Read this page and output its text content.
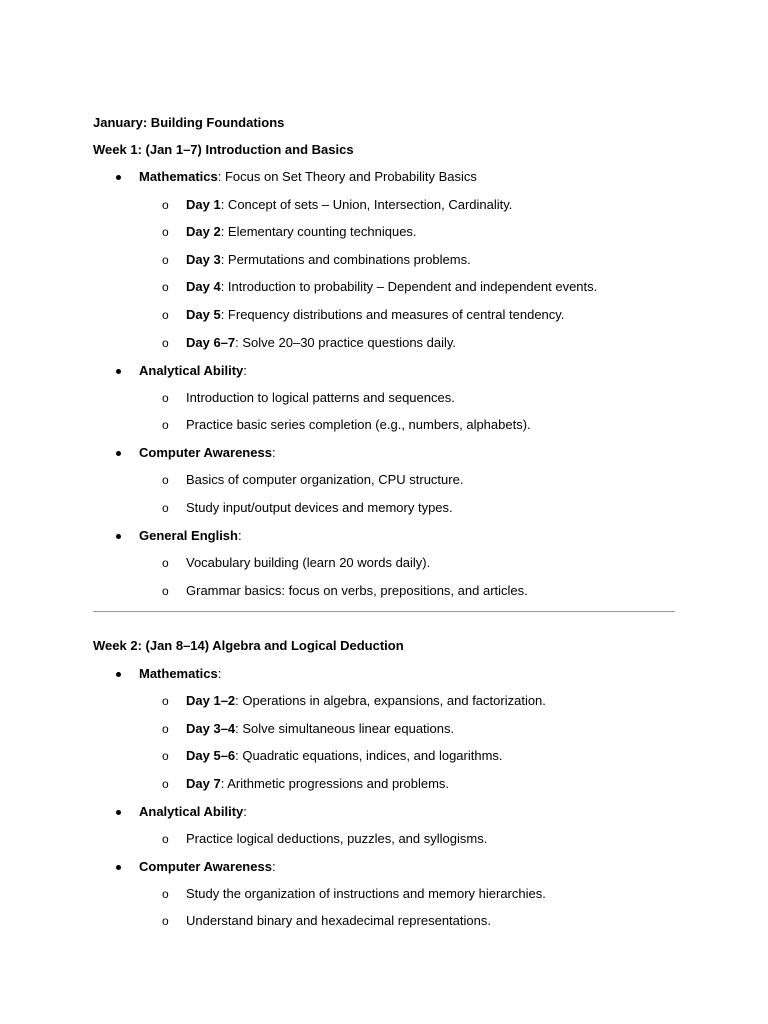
January: Building Foundations
Week 1: (Jan 1–7) Introduction and Basics
Mathematics: Focus on Set Theory and Probability Basics
o Day 1: Concept of sets – Union, Intersection, Cardinality.
o Day 2: Elementary counting techniques.
o Day 3: Permutations and combinations problems.
o Day 4: Introduction to probability – Dependent and independent events.
o Day 5: Frequency distributions and measures of central tendency.
o Day 6–7: Solve 20–30 practice questions daily.
Analytical Ability:
o Introduction to logical patterns and sequences.
o Practice basic series completion (e.g., numbers, alphabets).
Computer Awareness:
o Basics of computer organization, CPU structure.
o Study input/output devices and memory types.
General English:
o Vocabulary building (learn 20 words daily).
o Grammar basics: focus on verbs, prepositions, and articles.
Week 2: (Jan 8–14) Algebra and Logical Deduction
Mathematics:
o Day 1–2: Operations in algebra, expansions, and factorization.
o Day 3–4: Solve simultaneous linear equations.
o Day 5–6: Quadratic equations, indices, and logarithms.
o Day 7: Arithmetic progressions and problems.
Analytical Ability:
o Practice logical deductions, puzzles, and syllogisms.
Computer Awareness:
o Study the organization of instructions and memory hierarchies.
o Understand binary and hexadecimal representations.
